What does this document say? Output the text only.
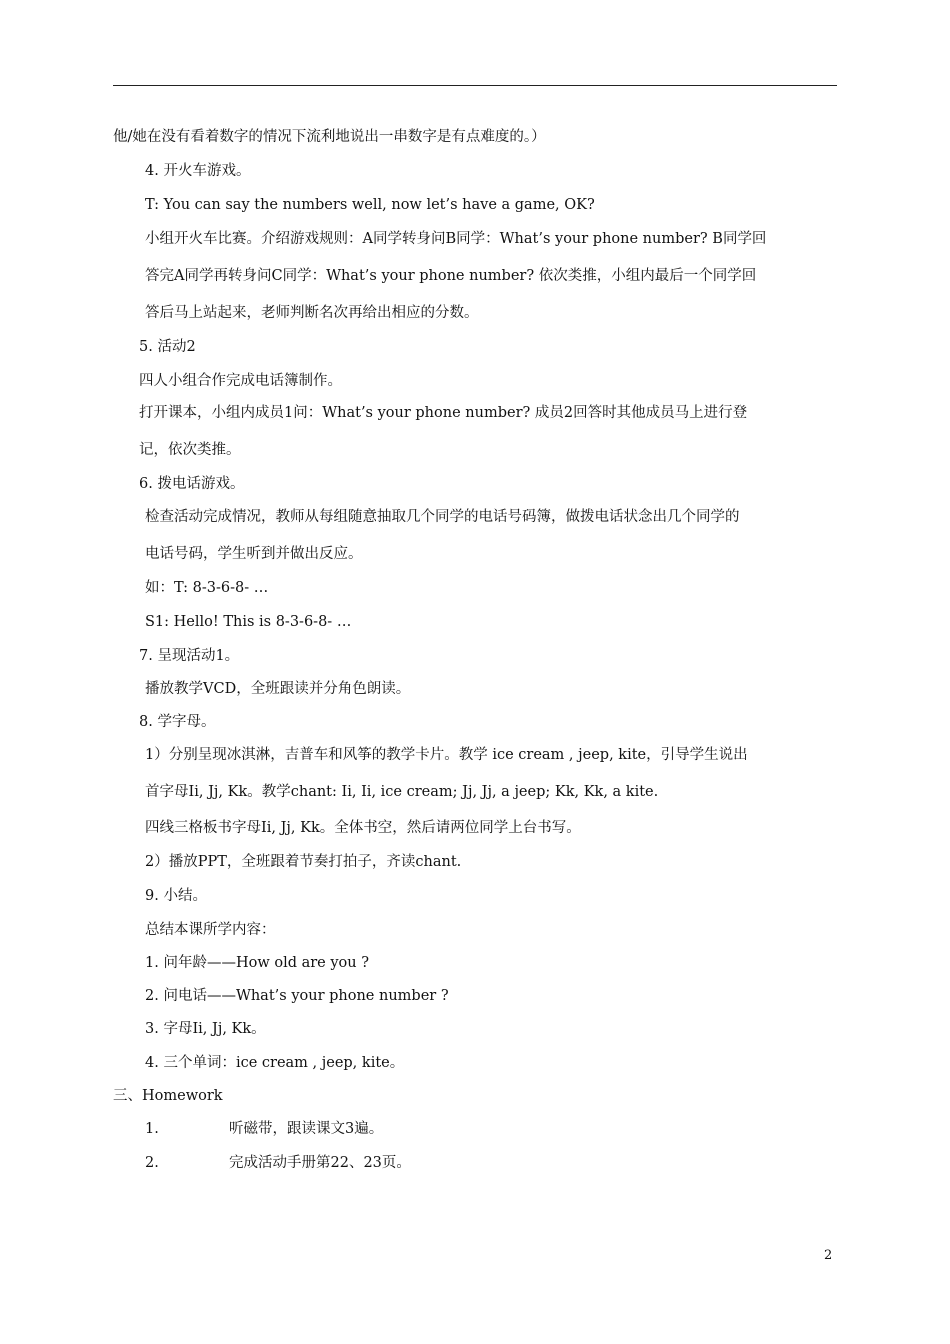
他/她在没有看着数字的情况下流利地说出一串数字是有点难度的。）
4. 开火车游戏。
T: You can say the numbers well, now let’s have a game, OK?
小组开火车比赛。介绍游戏规则：A同学转身问B同学：What’s your phone number? B同学回
答完A同学再转身问C同学：What’s your phone number? 依次类推，小组内最后一个同学回
答后马上站起来，老师判断名次再给出相应的分数。
5. 活动2
四人小组合作完成电话簿制作。
打开课本，小组内成员1问：What’s your phone number? 成员2回答时其他成员马上进行登
记，依次类推。
6. 拨电话游戏。
检查活动完成情况，教师从每组随意抽取几个同学的电话号码簿，做拨电话状念出几个同学的
电话号码，学生听到并做出反应。
如：T: 8-3-6-8- …
S1: Hello! This is 8-3-6-8- …
7. 呈现活动1。
播放教学VCD，全班跟读并分角色朗读。
8. 学字母。
1）分别呈现冰淇淋，吉普车和风筝的教学卡片。教学 ice cream , jeep, kite，引导学生说出
首字母Ii, Jj, Kk。教学chant: Ii, Ii, ice cream; Jj, Jj, a jeep; Kk, Kk, a kite.
四线三格板书字母Ii, Jj, Kk。全体书空，然后请两位同学上台书写。
2）播放PPT，全班跟着节奏打拍子，齐读chant.
9. 小结。
总结本课所学内容：
1. 问年龄——How old are you ?
2. 问电话——What’s your phone number ?
3. 字母Ii, Jj, Kk。
4. 三个单词：ice cream , jeep, kite。
三、Homework
1.	听磁带，跟读课文3遍。
2.	完成活动手册第22、23页。
2
